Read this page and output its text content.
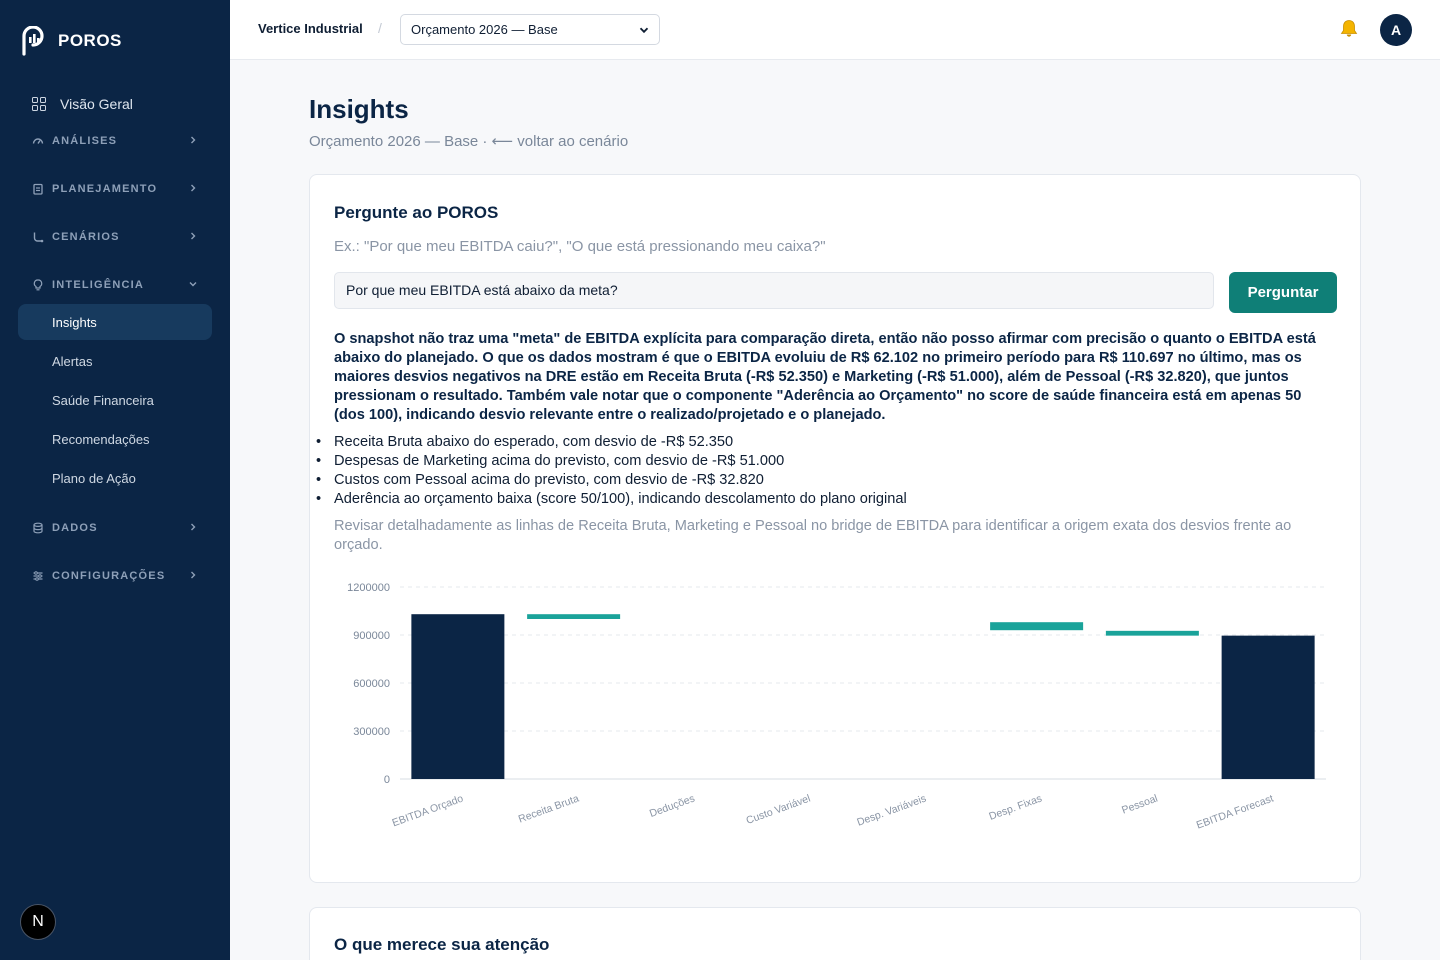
POROS
Visão Geral
ANÁLISES
PLANEJAMENTO
CENÁRIOS
INTELIGÊNCIA
Insights
Alertas
Saúde Financeira
Recomendações
Plano de Ação
DADOS
CONFIGURAÇÕES
N
Vertice Industrial / Orçamento 2026 — Base	A
Insights
Orçamento 2026 — Base · ⟵ voltar ao cenário
Pergunte ao POROS

Ex.: "Por que meu EBITDA caiu?", "O que está pressionando meu caixa?"

Por que meu EBITDA está abaixo da meta?	Perguntar

O snapshot não traz uma "meta" de EBITDA explícita para comparação direta, então não posso afirmar com precisão o quanto o EBITDA está abaixo do planejado. O que os dados mostram é que o EBITDA evoluiu de R$ 62.102 no primeiro período para R$ 110.697 no último, mas os maiores desvios negativos na DRE estão em Receita Bruta (-R$ 52.350) e Marketing (-R$ 51.000), além de Pessoal (-R$ 32.820), que juntos pressionam o resultado. Também vale notar que o componente "Aderência ao Orçamento" no score de saúde financeira está em apenas 50 (dos 100), indicando desvio relevante entre o realizado/projetado e o planejado.

• Receita Bruta abaixo do esperado, com desvio de -R$ 52.350
• Despesas de Marketing acima do previsto, com desvio de -R$ 51.000
• Custos com Pessoal acima do previsto, com desvio de -R$ 32.820
• Aderência ao orçamento baixa (score 50/100), indicando descolamento do plano original

Revisar detalhadamente as linhas de Receita Bruta, Marketing e Pessoal no bridge de EBITDA para identificar a origem exata dos desvios frente ao orçado.

0
300000
600000
900000
1200000
EBITDA Orçado	Receita Bruta	Deduções	Custo Variável	Desp. Variáveis	Desp. Fixas	Pessoal	EBITDA Forecast
O que merece sua atenção
